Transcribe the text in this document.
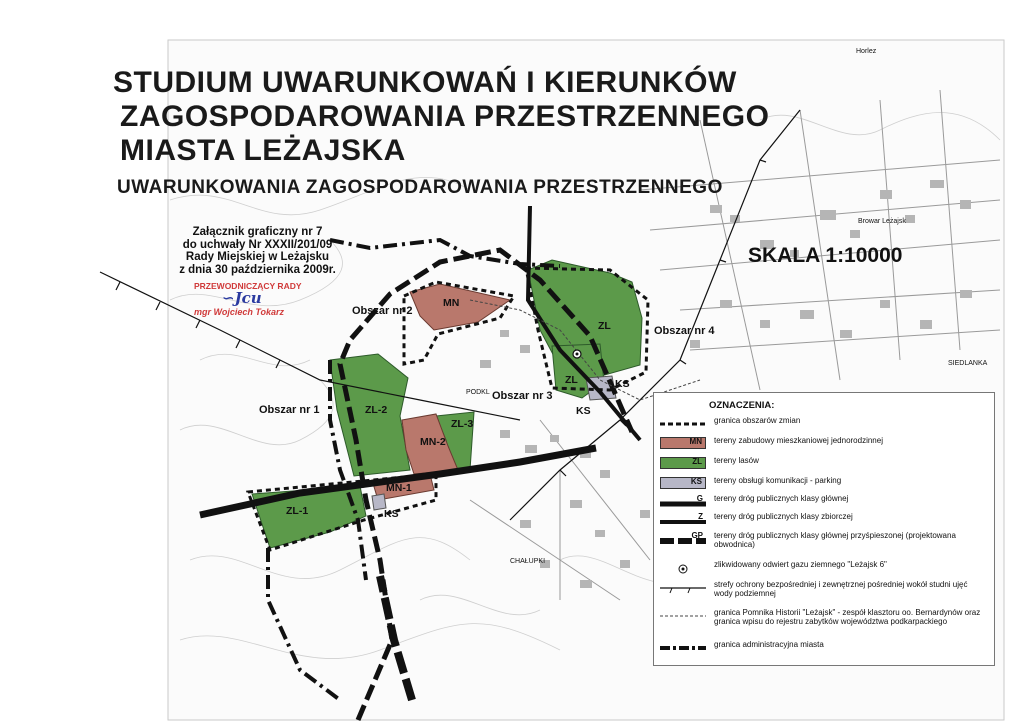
STUDIUM UWARUNKOWAŃ I KIERUNKÓW
ZAGOSPODAROWANIA PRZESTRZENNEGO
MIASTA LEŻAJSKA
UWARUNKOWANIA ZAGOSPODAROWANIA PRZESTRZENNEGO
SKALA 1:10000
Załącznik graficzny nr 7
do uchwały Nr XXXII/201/09
Rady Miejskiej w Leżajsku
z dnia 30 października 2009r.
PRZEWODNICZĄCY RADY
∽Jcu
mgr Wojciech Tokarz	Obszar nr 2
Obszar nr 1
Obszar nr 3
Obszar nr 4
MN
ZL
ZL	KS
KS
ZL-2
ZL-3
MN-2
MN-1
ZL-1	KS
PODKL
CHAŁUPKI
Browar Leżajsk
SIEDLANKA
Horlez
OZNACZENIA:
granica obszarów zmian
MN tereny zabudowy mieszkaniowej jednorodzinnej
ZL tereny lasów
KS tereny obsługi komunikacji - parking
G tereny dróg publicznych klasy głównej
Z tereny dróg publicznych klasy zbiorczej
GP tereny dróg publicznych klasy głównej przyśpieszonej (projektowana obwodnica)
zlikwidowany odwiert gazu ziemnego "Leżajsk 6"
strefy ochrony bezpośredniej i zewnętrznej pośredniej wokół studni ujęć wody podziemnej
granica Pomnika Historii "Leżajsk" - zespół klasztoru oo. Bernardynów oraz granica wpisu do rejestru zabytków województwa podkarpackiego
granica administracyjna miasta
